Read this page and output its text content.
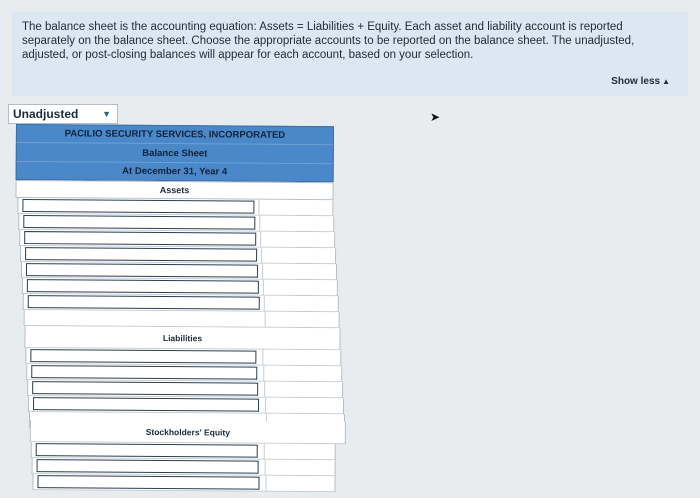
The balance sheet is the accounting equation: Assets = Liabilities + Equity. Each asset and liability account is reported separately on the balance sheet. Choose the appropriate accounts to be reported on the balance sheet. The unadjusted, adjusted, or post-closing balances will appear for each account, based on your selection.

Show less ▲
Unadjusted	▼	➤
PACILIO SECURITY SERVICES, INCORPORATED
Balance Sheet
At December 31, Year 4
Assets
Liabilities
Stockholders' Equity
